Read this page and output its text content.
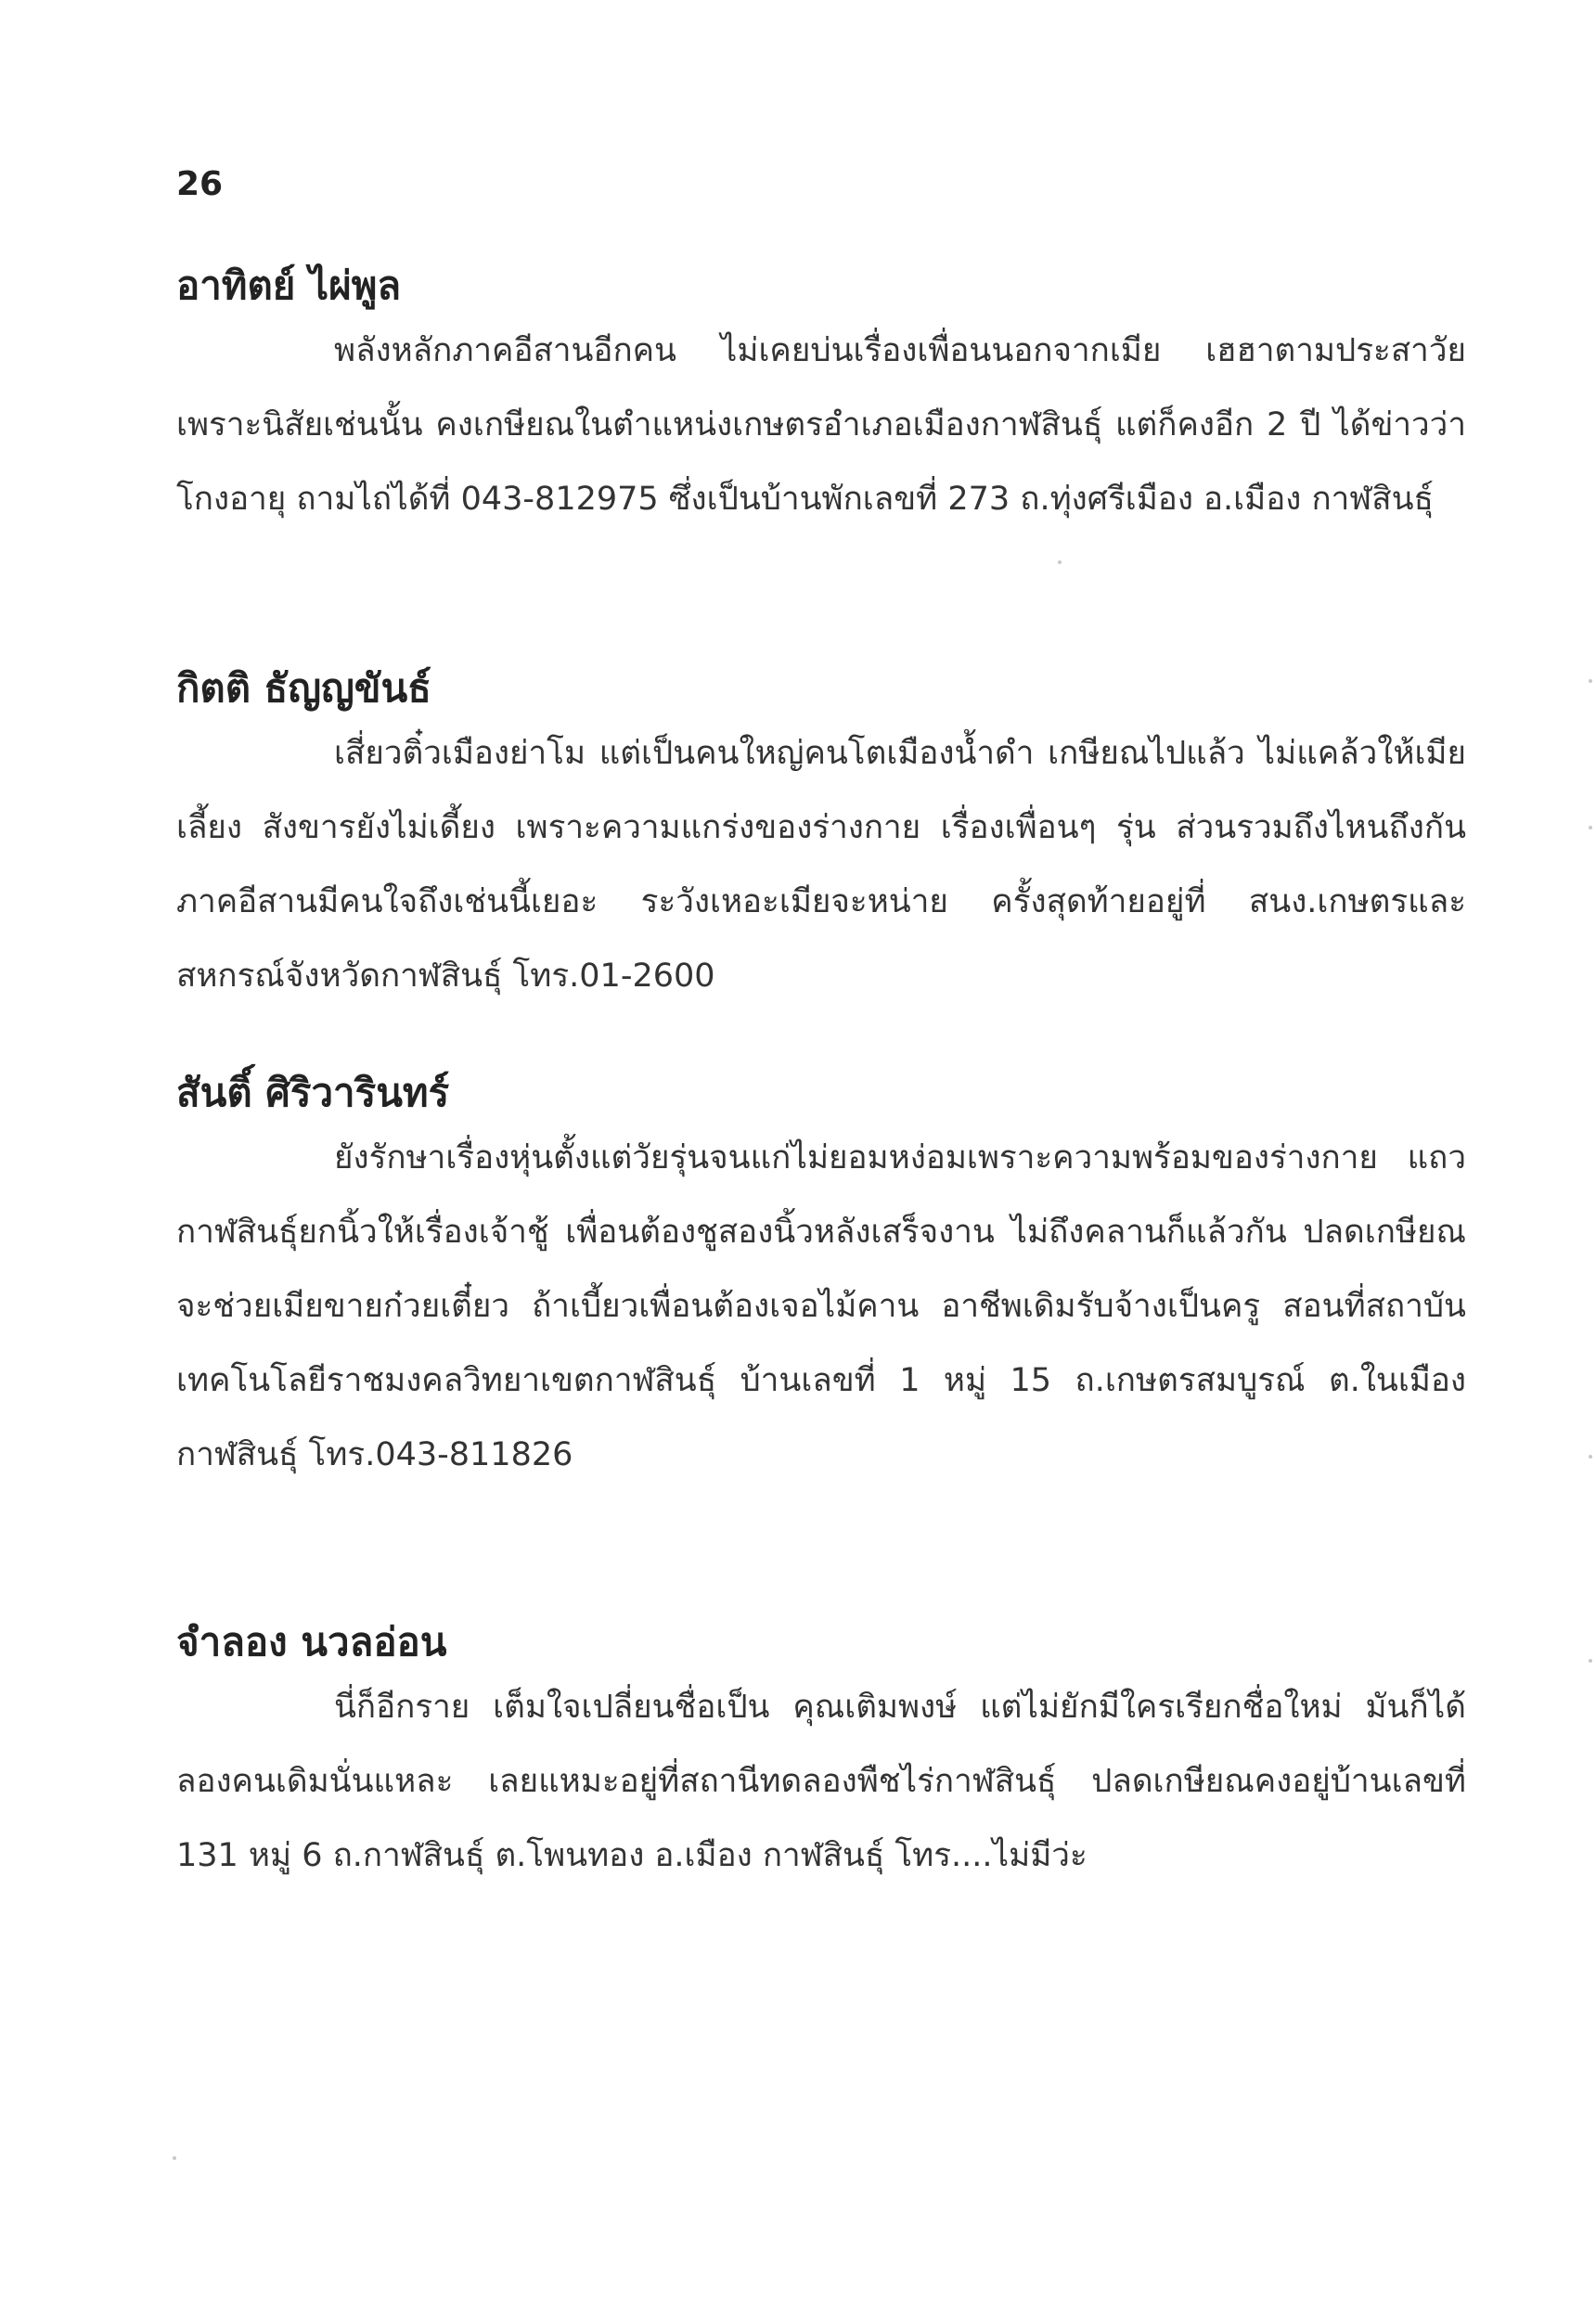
26

อาทิตย์ ไผ่พูล

พลังหลักภาคอีสานอีกคน ไม่เคยบ่นเรื่องเพื่อนนอกจากเมีย เฮฮาตามประสาวัย เพราะนิสัยเช่นนั้น คงเกษียณในตำแหน่งเกษตรอำเภอเมืองกาฬสินธุ์ แต่ก็คงอีก 2 ปี ได้ข่าวว่าโกงอายุ ถามไถ่ได้ที่ 043-812975 ซึ่งเป็นบ้านพักเลขที่ 273 ถ.ทุ่งศรีเมือง อ.เมือง กาฬสินธุ์

กิตติ ธัญญขันธ์

เสี่ยวติ๋วเมืองย่าโม แต่เป็นคนใหญ่คนโตเมืองน้ำดำ เกษียณไปแล้ว ไม่แคล้วให้เมียเลี้ยง สังขารยังไม่เดี้ยง เพราะความแกร่งของร่างกาย เรื่องเพื่อนๆ รุ่น ส่วนรวมถึงไหนถึงกัน ภาคอีสานมีคนใจถึงเช่นนี้เยอะ ระวังเหอะเมียจะหน่าย ครั้งสุดท้ายอยู่ที่ สนง.เกษตรและสหกรณ์จังหวัดกาฬสินธุ์ โทร.01-2600

สันติ์ ศิริวารินทร์

ยังรักษาเรื่องหุ่นตั้งแต่วัยรุ่นจนแก่ไม่ยอมหง่อมเพราะความพร้อมของร่างกาย แถวกาฬสินธุ์ยกนิ้วให้เรื่องเจ้าชู้ เพื่อนต้องชูสองนิ้วหลังเสร็จงาน ไม่ถึงคลานก็แล้วกัน ปลดเกษียณจะช่วยเมียขายก๋วยเตี๋ยว ถ้าเบี้ยวเพื่อนต้องเจอไม้คาน อาชีพเดิมรับจ้างเป็นครู สอนที่สถาบันเทคโนโลยีราชมงคลวิทยาเขตกาฬสินธุ์ บ้านเลขที่ 1 หมู่ 15 ถ.เกษตรสมบูรณ์ ต.ในเมือง กาฬสินธุ์ โทร.043-811826

จำลอง นวลอ่อน

นี่ก็อีกราย เต็มใจเปลี่ยนชื่อเป็น คุณเติมพงษ์ แต่ไม่ยักมีใครเรียกชื่อใหม่ มันก็ได้ลองคนเดิมนั่นแหละ เลยแหมะอยู่ที่สถานีทดลองพืชไร่กาฬสินธุ์ ปลดเกษียณคงอยู่บ้านเลขที่ 131 หมู่ 6 ถ.กาฬสินธุ์ ต.โพนทอง อ.เมือง กาฬสินธุ์ โทร....ไม่มีว่ะ
